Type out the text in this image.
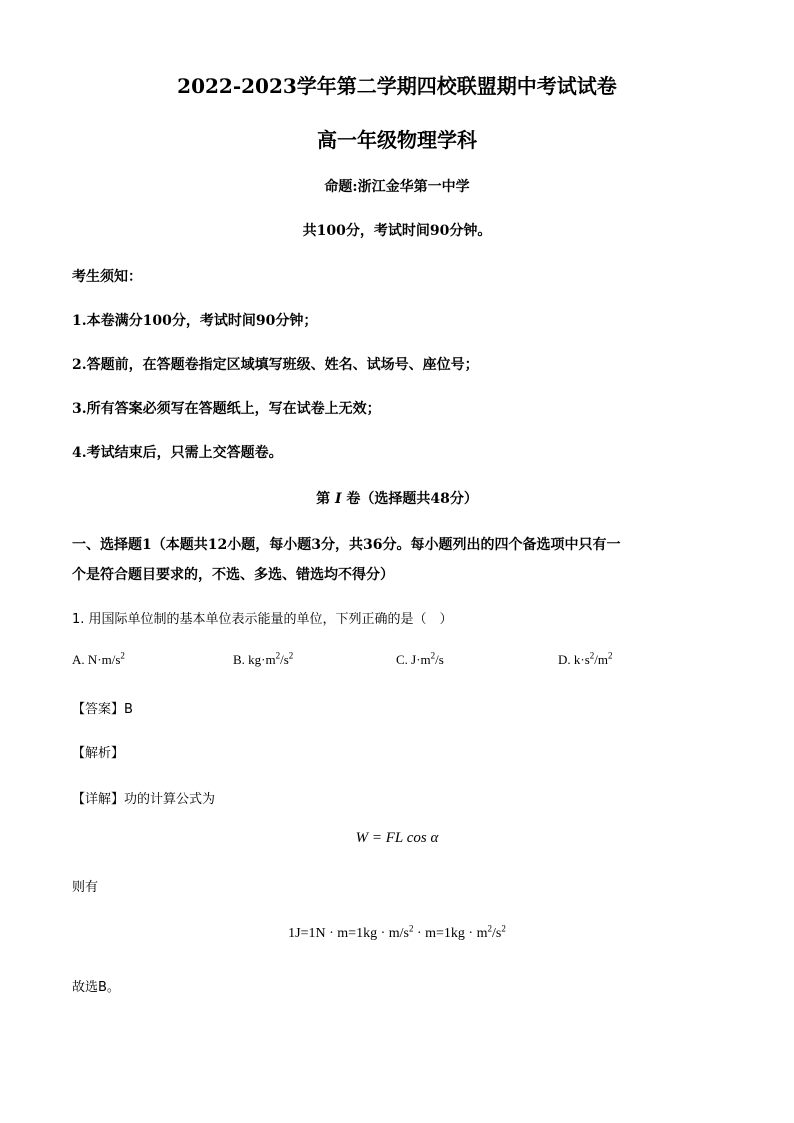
2022-2023学年第二学期四校联盟期中考试试卷
高一年级物理学科
命题:浙江金华第一中学
共100分，考试时间90分钟。
考生须知：
1.本卷满分100分，考试时间90分钟；
2.答题前，在答题卷指定区域填写班级、姓名、试场号、座位号；
3.所有答案必须写在答题纸上，写在试卷上无效；
4.考试结束后，只需上交答题卷。
第 I 卷（选择题共48分）
一、选择题1（本题共12小题，每小题3分，共36分。每小题列出的四个备选项中只有一
个是符合题目要求的，不选、多选、错选均不得分）
1. 用国际单位制的基本单位表示能量的单位，下列正确的是（　）
A. $N\cdot m/s^2$	B. $kg\cdot m^2/s^2$	C. $J\cdot m^2/s$	D. $k\cdot s^2/m^2$
【答案】B
【解析】
【详解】功的计算公式为
W = FL cos α
则有
$1J=1N \cdot m=1kg \cdot m/s^2 \cdot m=1kg \cdot m^2/s^2$
故选B。
